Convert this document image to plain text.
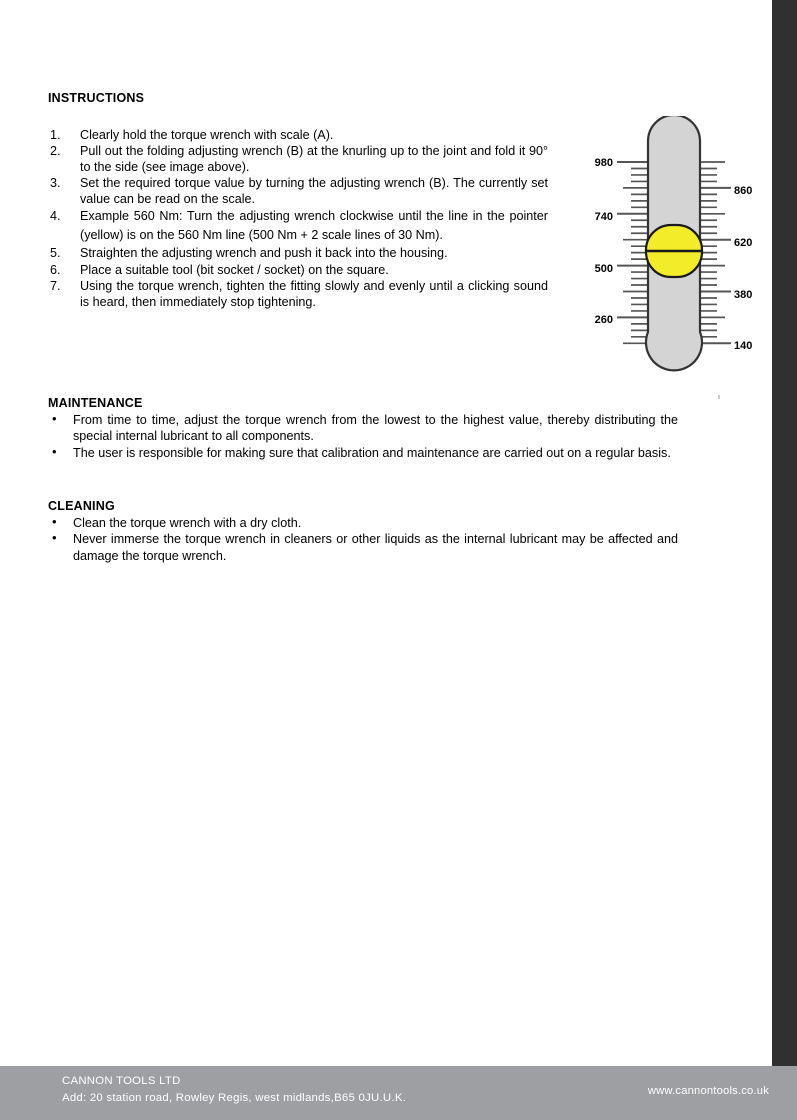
INSTRUCTIONS
1.	Clearly hold the torque wrench with scale (A).
2.	Pull out the folding adjusting wrench (B) at the knurling up to the joint and fold it 90° to the side (see image above).
3.	Set the required torque value by turning the adjusting wrench (B). The currently set value can be read on the scale.
4.	Example 560 Nm: Turn the adjusting wrench clockwise until the line in the pointer (yellow) is on the 560 Nm line (500 Nm + 2 scale lines of 30 Nm).
5.	Straighten the adjusting wrench and push it back into the housing.
6.	Place a suitable tool (bit socket / socket) on the square.
7.	Using the torque wrench, tighten the fitting slowly and evenly until a clicking sound is heard, then immediately stop tightening.
980
740
500
260
860
620
380
140
ı
MAINTENANCE
• From time to time, adjust the torque wrench from the lowest to the highest value, thereby distributing the special internal lubricant to all components.
• The user is responsible for making sure that calibration and maintenance are carried out on a regular basis.
CLEANING
• Clean the torque wrench with a dry cloth.
• Never immerse the torque wrench in cleaners or other liquids as the internal lubricant may be affected and damage the torque wrench.
CANNON TOOLS LTD
Add: 20 station road, Rowley Regis, west midlands,B65 0JU.U.K.
www.cannontools.co.uk
